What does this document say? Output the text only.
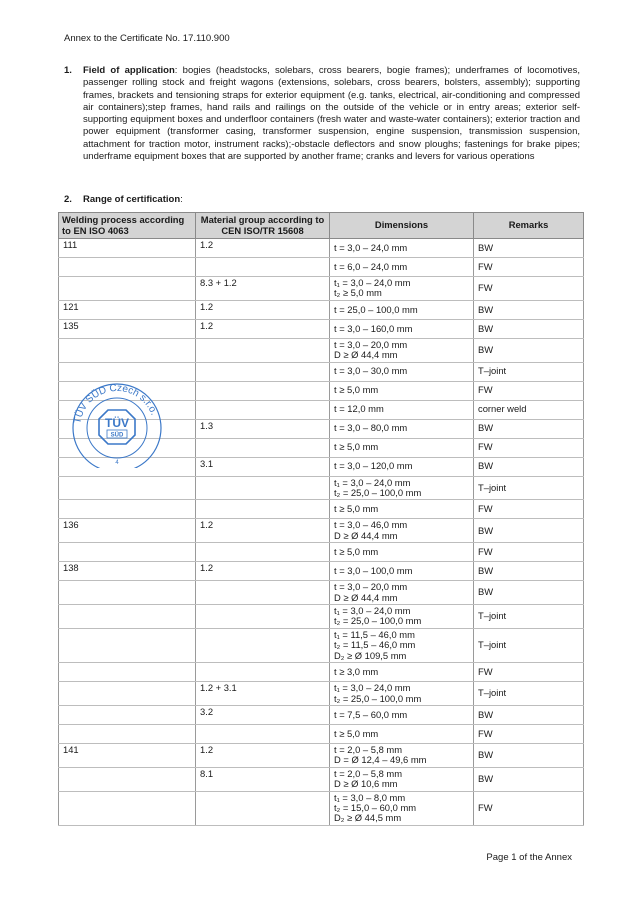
Annex to the Certificate No. 17.110.900
1. Field of application: bogies (headstocks, solebars, cross bearers, bogie frames); underframes of locomotives, passenger rolling stock and freight wagons (extensions, solebars, cross bearers, bolsters, assembly); supporting frames, brackets and tensioning straps for exterior equipment (e.g. tanks, electrical, air-conditioning and compressed air containers);step frames, hand rails and railings on the outside of the vehicle or in entry areas; exterior self-supporting equipment boxes and underfloor containers (fresh water and waste-water containers); exterior traction and power equipment (transformer casing, transformer suspension, engine suspension, transmission suspension, attachment for traction motor, instrument racks);-obstacle deflectors and snow ploughs; fastenings for brake pipes; underframe equipment boxes that are supported by another frame; cranks and levers for various operations
2. Range of certification:
Welding process according to EN ISO 4063	Material group according to CEN ISO/TR 15608	Dimensions	Remarks
111	1.2	t = 3,0 – 24,0 mm	BW

		t = 6,0 – 24,0 mm	FW
	8.3 + 1.2	t₁ = 3,0 – 24,0 mm
t₂ ≥ 5,0 mm	FW
121	1.2	t = 25,0 – 100,0 mm	BW
135	1.2	t = 3,0 – 160,0 mm	BW

		t = 3,0 – 20,0 mm
D ≥ Ø 44,4 mm	BW

		t = 3,0 – 30,0 mm	T–joint

		t ≥ 5,0 mm	FW

		t = 12,0 mm	corner weld
	1.3	t = 3,0 – 80,0 mm	BW

		t ≥ 5,0 mm	FW
	3.1	t = 3,0 – 120,0 mm	BW

		t₁ = 3,0 – 24,0 mm
t₂ = 25,0 – 100,0 mm	T–joint

		t ≥ 5,0 mm	FW
136	1.2	t = 3,0 – 46,0 mm
D ≥ Ø 44,4 mm	BW

		t ≥ 5,0 mm	FW
138	1.2	t = 3,0 – 100,0 mm	BW

		t = 3,0 – 20,0 mm
D ≥ Ø 44,4 mm	BW

		t₁ = 3,0 – 24,0 mm
t₂ = 25,0 – 100,0 mm	T–joint

		t₁ = 11,5 – 46,0 mm
t₂ = 11,5 – 46,0 mm
D₂ ≥ Ø 109,5 mm	T–joint

		t ≥ 3,0 mm	FW
	1.2 + 3.1	t₁ = 3,0 – 24,0 mm
t₂ = 25,0 – 100,0 mm	T–joint
	3.2	t = 7,5 – 60,0 mm	BW

		t ≥ 5,0 mm	FW
141	1.2	t = 2,0 – 5,8 mm
D = Ø 12,4 – 49,6 mm	BW
	8.1	t = 2,0 – 5,8 mm
D ≥ Ø 10,6 mm	BW

		t₁ = 3,0 – 8,0 mm
t₂ = 15,0 – 60,0 mm
D₂ ≥ Ø 44,5 mm	FW
TÜV SÜD Czech s.r.o.
TÜV
SÜD
4
Page 1 of the Annex
